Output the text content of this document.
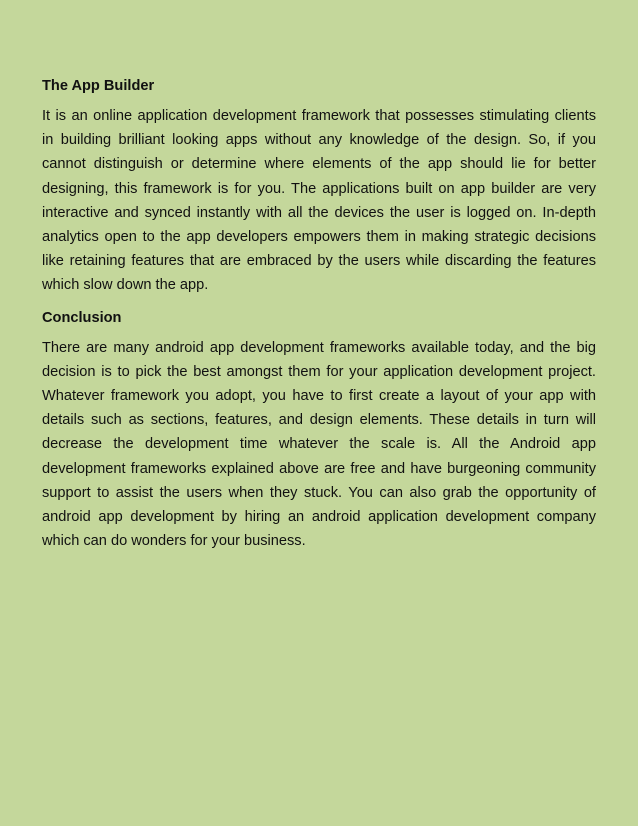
The App Builder

It is an online application development framework that possesses stimulating clients in building brilliant looking apps without any knowledge of the design. So, if you cannot distinguish or determine where elements of the app should lie for better designing, this framework is for you. The applications built on app builder are very interactive and synced instantly with all the devices the user is logged on. In-depth analytics open to the app developers empowers them in making strategic decisions like retaining features that are embraced by the users while discarding the features which slow down the app.

Conclusion

There are many android app development frameworks available today, and the big decision is to pick the best amongst them for your application development project. Whatever framework you adopt, you have to first create a layout of your app with details such as sections, features, and design elements. These details in turn will decrease the development time whatever the scale is. All the Android app development frameworks explained above are free and have burgeoning community support to assist the users when they stuck. You can also grab the opportunity of android app development by hiring an android application development company which can do wonders for your business.
